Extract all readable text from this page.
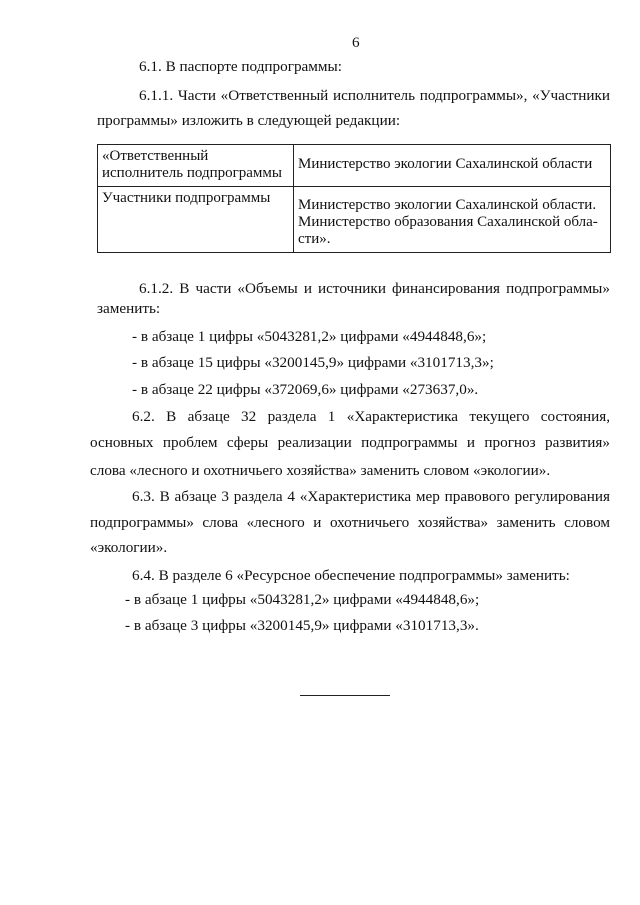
6
6.1. В паспорте подпрограммы:
6.1.1. Части «Ответственный исполнитель подпрограммы», «Участники
программы» изложить в следующей редакции:
«Ответственный
исполнитель подпрограммы	Министерство экологии Сахалинской области

Участники подпрограммы	Министерство экологии Сахалинской области.
Министерство образования Сахалинской обла-
сти».
6.1.2. В части «Объемы и источники финансирования подпрограммы»
заменить:
- в абзаце 1 цифры «5043281,2» цифрами «4944848,6»;
- в абзаце 15 цифры «3200145,9» цифрами «3101713,3»;
- в абзаце 22 цифры «372069,6» цифрами «273637,0».
6.2. В абзаце 32 раздела 1 «Характеристика текущего состояния,
основных проблем сферы реализации подпрограммы и прогноз развития»
слова «лесного и охотничьего хозяйства» заменить словом «экологии».
6.3. В абзаце 3 раздела 4 «Характеристика мер правового регулирования
подпрограммы» слова «лесного и охотничьего хозяйства» заменить словом
«экологии».
6.4. В разделе 6 «Ресурсное обеспечение подпрограммы» заменить:
- в абзаце 1 цифры «5043281,2» цифрами «4944848,6»;
- в абзаце 3 цифры «3200145,9» цифрами «3101713,3».
